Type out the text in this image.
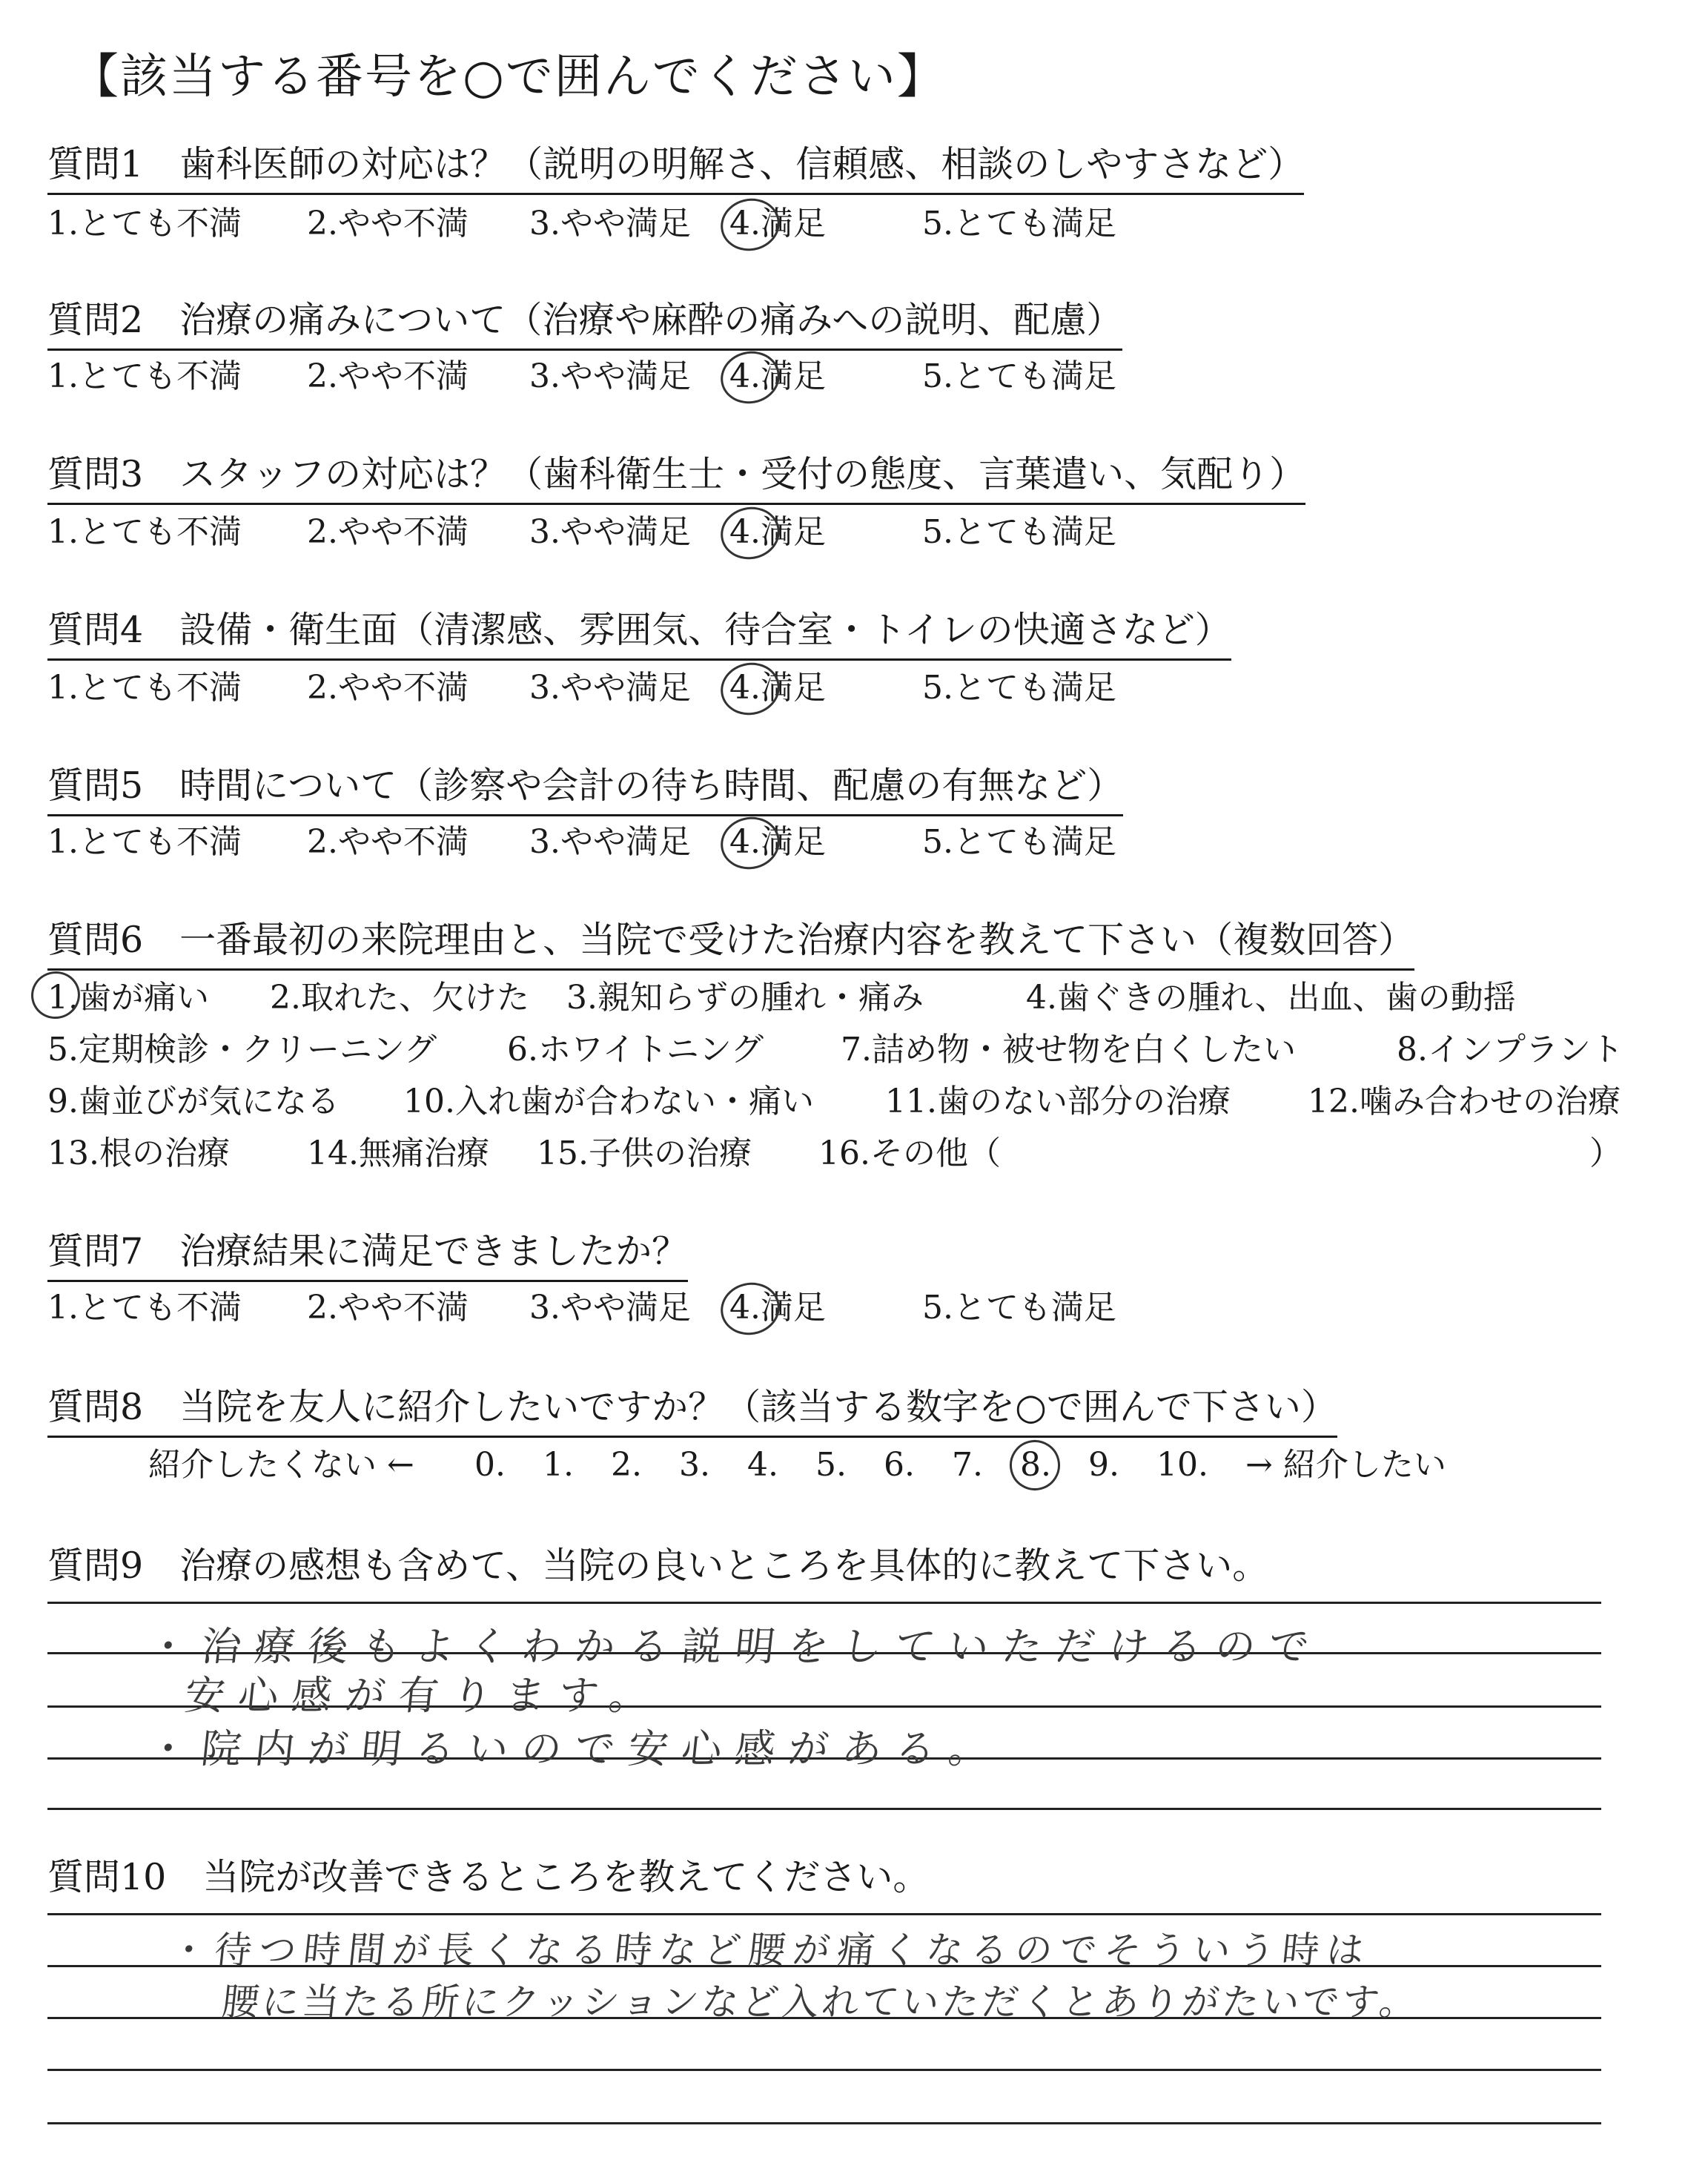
【該当する番号を○で囲んでください】
質問1　歯科医師の対応は？（説明の明解さ、信頼感、相談のしやすさなど）
1.とても不満 2.やや不満 3.やや満足 4.満足	5.とても満足
質問2　治療の痛みについて（治療や麻酔の痛みへの説明、配慮）
1.とても不満 2.やや不満 3.やや満足 4.満足	5.とても満足
質問3　スタッフの対応は？（歯科衛生士・受付の態度、言葉遣い、気配り）
1.とても不満 2.やや不満 3.やや満足 4.満足	5.とても満足
質問4　設備・衛生面（清潔感、雰囲気、待合室・トイレの快適さなど）
1.とても不満 2.やや不満 3.やや満足 4.満足	5.とても満足
質問5　時間について（診察や会計の待ち時間、配慮の有無など）
1.とても不満 2.やや不満 3.やや満足 4.満足	5.とても満足
質問6　一番最初の来院理由と、当院で受けた治療内容を教えて下さい（複数回答）
1.歯が痛い 2.取れた、欠けた 3.親知らずの腫れ・痛み	4.歯ぐきの腫れ、出血、歯の動揺
5.定期検診・クリーニング 6.ホワイトニング 7.詰め物・被せ物を白くしたい	8.インプラント
9.歯並びが気になる 10.入れ歯が合わない・痛い 11.歯のない部分の治療 12.噛み合わせの治療
13.根の治療 14.無痛治療 15.子供の治療 16.その他（	）
質問7　治療結果に満足できましたか？
1.とても不満 2.やや不満 3.やや満足 4.満足	5.とても満足
質問8　当院を友人に紹介したいですか？（該当する数字を○で囲んで下さい）
紹介したくない ← 0. 1. 2. 3. 4. 5. 6. 7. 8. 9. 10. → 紹介したい
質問9　治療の感想も含めて、当院の良いところを具体的に教えて下さい。
・治療後もよくわかる説明をしていただけるので
安心感が有ります。
・院内が明るいので安心感がある。
質問10　当院が改善できるところを教えてください。
・待つ時間が長くなる時など腰が痛くなるのでそういう時は
腰に当たる所にクッションなど入れていただくとありがたいです。
